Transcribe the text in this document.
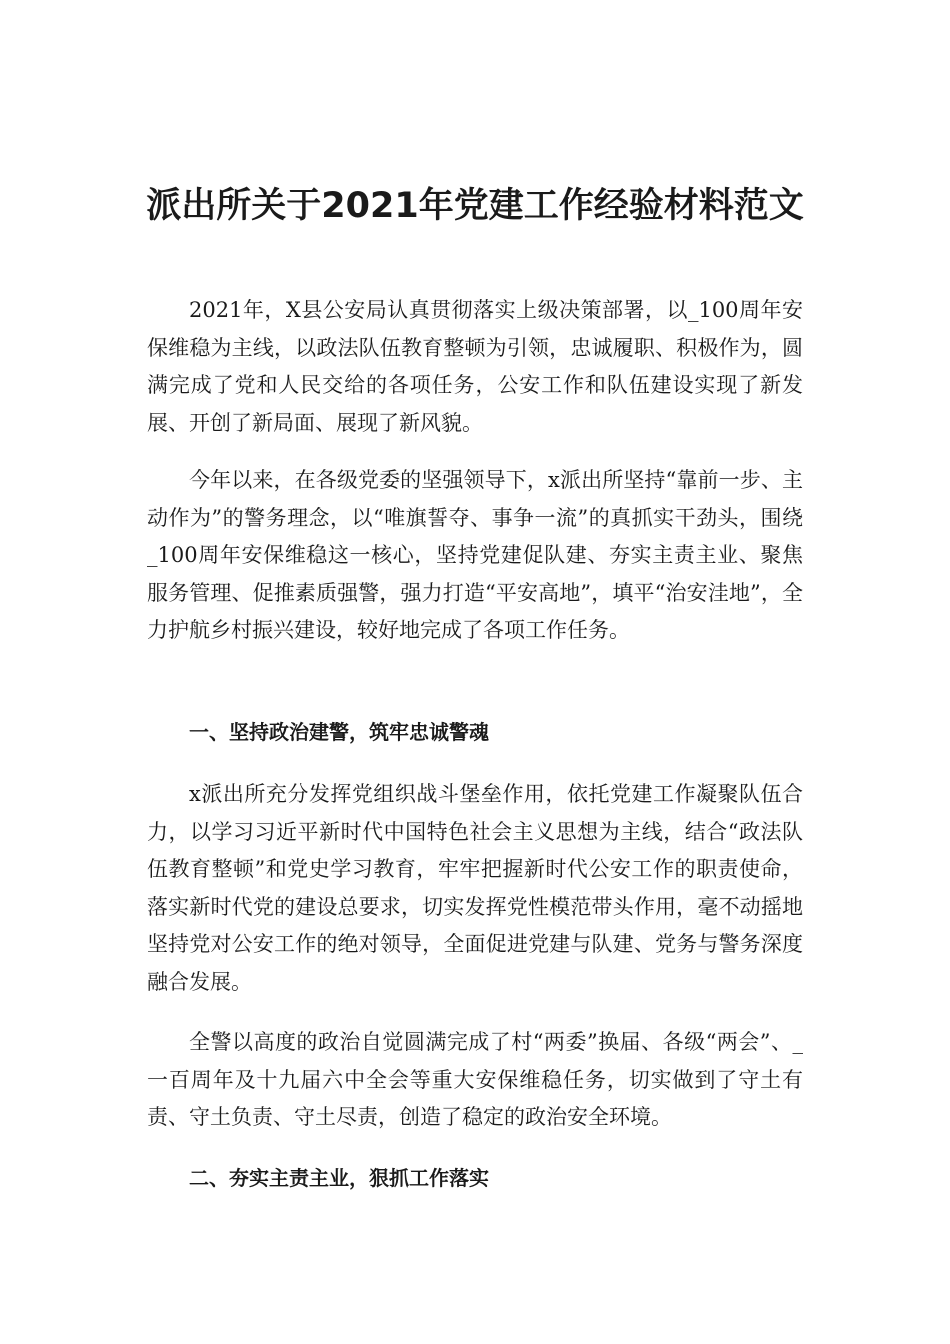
派出所关于2021年党建工作经验材料范文

2021年，X县公安局认真贯彻落实上级决策部署，以_100周年安保维稳为主线，以政法队伍教育整顿为引领，忠诚履职、积极作为，圆满完成了党和人民交给的各项任务，公安工作和队伍建设实现了新发展、开创了新局面、展现了新风貌。

今年以来，在各级党委的坚强领导下，x派出所坚持“靠前一步、主动作为”的警务理念，以“唯旗誓夺、事争一流”的真抓实干劲头，围绕_100周年安保维稳这一核心，坚持党建促队建、夯实主责主业、聚焦服务管理、促推素质强警，强力打造“平安高地”，填平“治安洼地”，全力护航乡村振兴建设，较好地完成了各项工作任务。

一、坚持政治建警，筑牢忠诚警魂

x派出所充分发挥党组织战斗堡垒作用，依托党建工作凝聚队伍合力，以学习习近平新时代中国特色社会主义思想为主线，结合“政法队伍教育整顿”和党史学习教育，牢牢把握新时代公安工作的职责使命，落实新时代党的建设总要求，切实发挥党性模范带头作用，毫不动摇地坚持党对公安工作的绝对领导，全面促进党建与队建、党务与警务深度融合发展。

全警以高度的政治自觉圆满完成了村“两委”换届、各级“两会”、_一百周年及十九届六中全会等重大安保维稳任务，切实做到了守土有责、守土负责、守土尽责，创造了稳定的政治安全环境。

二、夯实主责主业，狠抓工作落实
